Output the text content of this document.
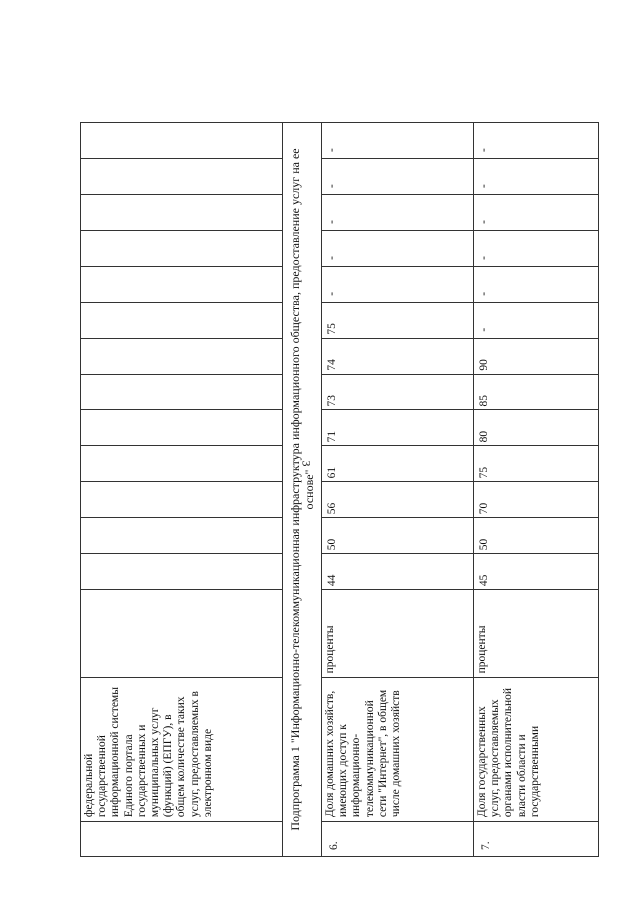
3
	федеральной государственной информационной системы Единого портала государственных и муниципальных услуг (функций) (ЕПГУ), в общем количестве таких услуг, предоставляемых в электронном виде														
Подпрограмма 1 "Информационно-телекоммуникационная инфраструктура информационного общества, предоставление услуг на ее основе"															
6.	Доля домашних хозяйств, имеющих доступ к информационно-телекоммуникационной сети "Интернет", в общем числе домашних хозяйств	проценты	44	50	56	61	71	73	74	75	-	-	-	-	-
7.	Доля государственных услуг, предоставляемых органами исполнительной власти области и государственными	проценты	45	50	70	75	80	85	90	-	-	-	-	-	-
